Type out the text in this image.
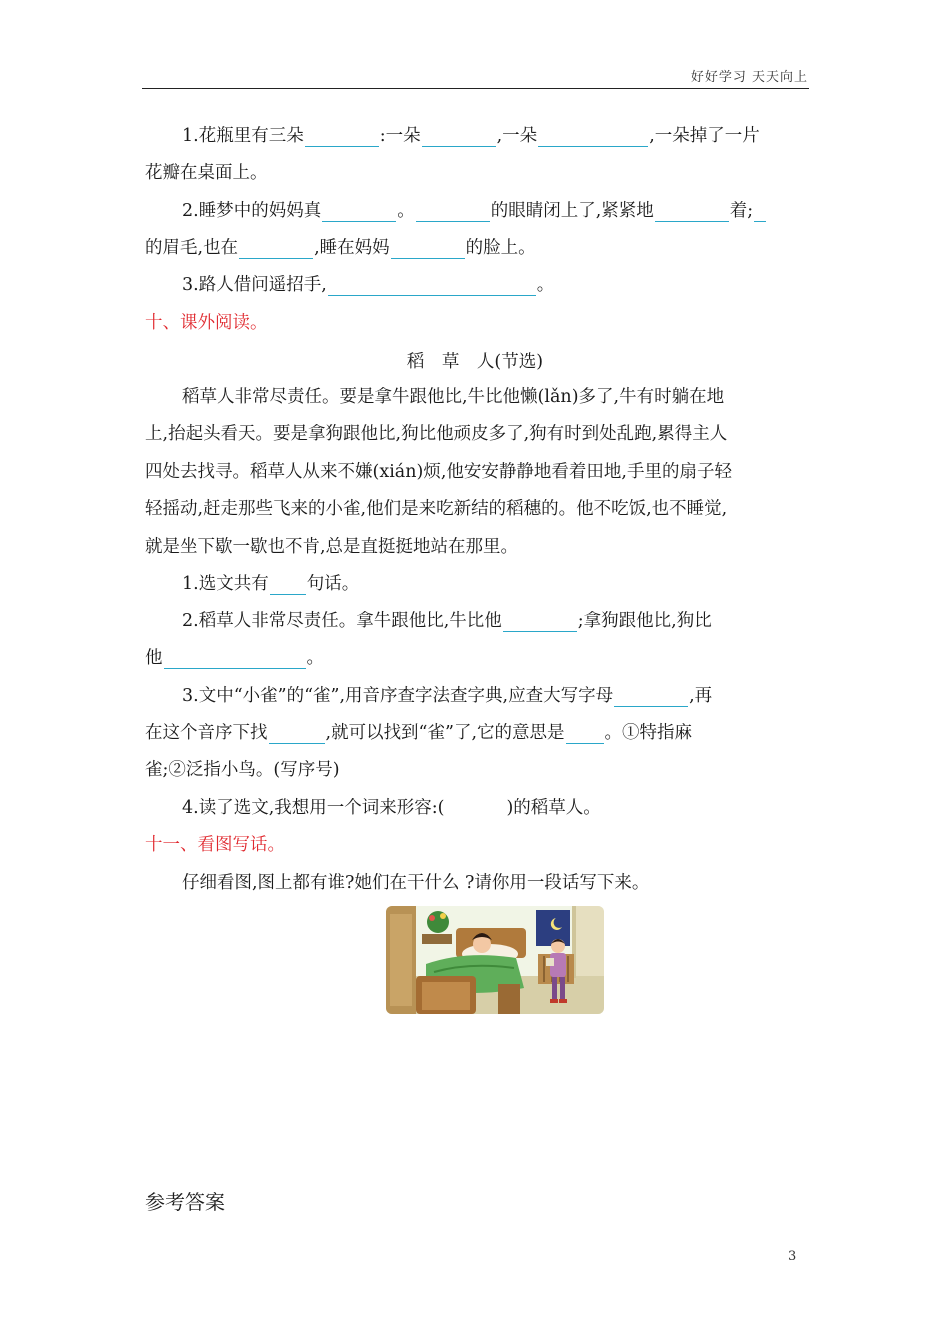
好好学习 天天向上
1.花瓶里有三朵	:一朵	,一朵	,一朵掉了一片
花瓣在桌面上。
2.睡梦中的妈妈真	。	的眼睛闭上了,紧紧地	着;
的眉毛,也在	,睡在妈妈	的脸上。
3.路人借问遥招手,	。
十、课外阅读。
稻　草　人(节选)
稻草人非常尽责任。要是拿牛跟他比,牛比他懒(lǎn)多了,牛有时躺在地
上,抬起头看天。要是拿狗跟他比,狗比他顽皮多了,狗有时到处乱跑,累得主人
四处去找寻。稻草人从来不嫌(xián)烦,他安安静静地看着田地,手里的扇子轻
轻摇动,赶走那些飞来的小雀,他们是来吃新结的稻穗的。他不吃饭,也不睡觉,
就是坐下歇一歇也不肯,总是直挺挺地站在那里。
1.选文共有 句话。
2.稻草人非常尽责任。拿牛跟他比,牛比他	;拿狗跟他比,狗比
他	。
3.文中“小雀”的“雀”,用音序查字法查字典,应查大写字母	,再
在这个音序下找	,就可以找到“雀”了,它的意思是 。①特指麻
雀;②泛指小鸟。(写序号)
4.读了选文,我想用一个词来形容:(	)的稻草人。
十一、看图写话。
仔细看图,图上都有谁?她们在干什么 ?请你用一段话写下来。
参考答案
3
